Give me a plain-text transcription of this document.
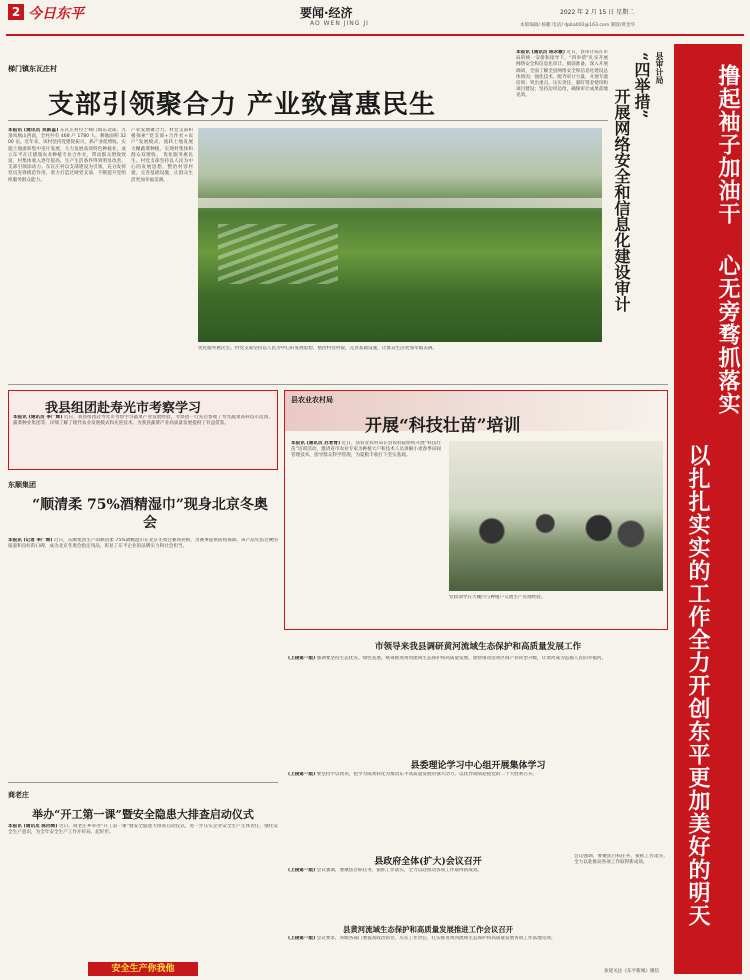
2 今日东平	要闻·经济
AO WEN JING JI
2022 年 2 月 15 日 星期二
本版编辑/ 杨鹏 电话/ dpba002@163.com 制版/黄金华
梯门镇东瓦庄村
支部引领聚合力 产业致富惠民生
本报讯 (通讯员 吴新蕊) 东瓦庄村位于梯门镇东北部，九顶凤凰山西南，全村共有 468 户 1780 人，耕地面积 3200 亩。近年来，该村坚持党建促振兴，抓产业促增收，实施土地流转集中连片发展，大力发展高效特色种植业，成立东平瓦庄德瑞农业种植专业合作社，带动群众增收致富，村集体收入逐年提高，生产生活条件得到明显改善。 支部引领添动力。东瓦庄村以支部建设为引领，充分发挥党员先锋模范作用，着力打造过硬党支部，不断提升党组织服务群众能力。
产业发展聚合力。村党支部积极探索“党支部+合作社+农户”发展模式，流转土地发展大棚蔬菜种植，实现村集体和群众双增收。 优化服务惠民生。村党支部坚持以人民为中心的发展思想，整治村容村貌，完善基础设施，让群众生活更加幸福美满。
优化服务惠民生。村党支部坚持以人民为中心的发展思想，整治村容村貌，完善基础设施，让群众生活更加幸福美满。
县审计局
“四举措”
开展网络安全和信息化建设审计
本报讯 (通讯员 陈永敏) 近日，县审计局在市局的统一安排和指导下，“四举措”扎实开展网络安全和信息化审计。搞前准备，深入开展调研，全面了解全县网络安全和信息化建设总体情况；强化技术，配齐审计力量，开展专题培训；突出重点，压实责任，紧盯资金使用和项目建设；坚持边审边改，确保审计成果落地见效。	撸起袖子加油干
心无旁骛抓落实
以扎扎实实的工作全力开创东平更加美好的明天
我县组团赴寿光市考察学习
本报讯 (通讯员 李广辉) 近日，我县组团赴寿光市考察学习蔬菜产业发展经验。考察团一行先后参观了寿光蔬菜高科技示范园、蔬菜种业集团等，详细了解了现代农业发展模式和先进技术，为我县蔬菜产业高质量发展提供了有益借鉴。
东顺集团
“顺清柔 75%酒精湿巾”现身北京冬奥会
本报讯 (记者 李广辉) 近日，东顺集团生产的顺清柔 75%酒精湿巾在北京冬奥会赛场亮相，为赛事提供防疫保障。该产品凭借过硬的质量和良好的口碑，成为北京冬奥会指定用品，彰显了东平企业的品牌实力和社会担当。
商老庄
举办“开工第一课”暨安全隐患大排查启动仪式
本报讯 (通讯员 陈同辉) 近日，商老庄乡举办“开工第一课”暨安全隐患大排查启动仪式，进一步压实企业安全生产主体责任，强化安全生产意识，为全年安全生产工作开好局、起好步。
安全生产你我他
县农业农村局
开展“科技壮苗”培训
本报讯 (通讯员 苏青青) 近日，县农业农村局在县农科院组织开展“科技壮苗”培训活动，邀请省市农业专家为种植大户和技术人员讲解小麦春季田间管理技术，指导群众科学管理，为夏粮丰收打下坚实基础。
党政领导在大棚内与种植户交流生产管理经验。
市领导来我县调研黄河流域生态保护和高质量发展工作
(上接第一版) 强调要坚持生态优先、绿色发展，统筹推进黄河流域生态保护和高质量发展，加快推动沿黄区域产业转型升级，让黄河成为造福人民的幸福河。
县委理论学习中心组开展集体学习
(上接第一版) 要坚持学以致用，把学习成果转化为推动东平高质量发展的强大动力，以优异成绩迎接党的二十大胜利召开。
县政府全体(扩大)会议召开
(上接第一版) 会议强调，要聚焦目标任务，狠抓工作落实，全力以赴推动各项工作取得新成效。
县黄河流域生态保护和高质量发展推进工作会议召开
(上接第一版) 会议要求，各级各部门要提高政治站位，压实工作责任，扎实推进黄河流域生态保护和高质量发展各项工作落地见效。
会议强调，要聚焦目标任务，狠抓工作落实，全力以赴推动各项工作取得新成效。
欢迎关注《东平新闻》微信
